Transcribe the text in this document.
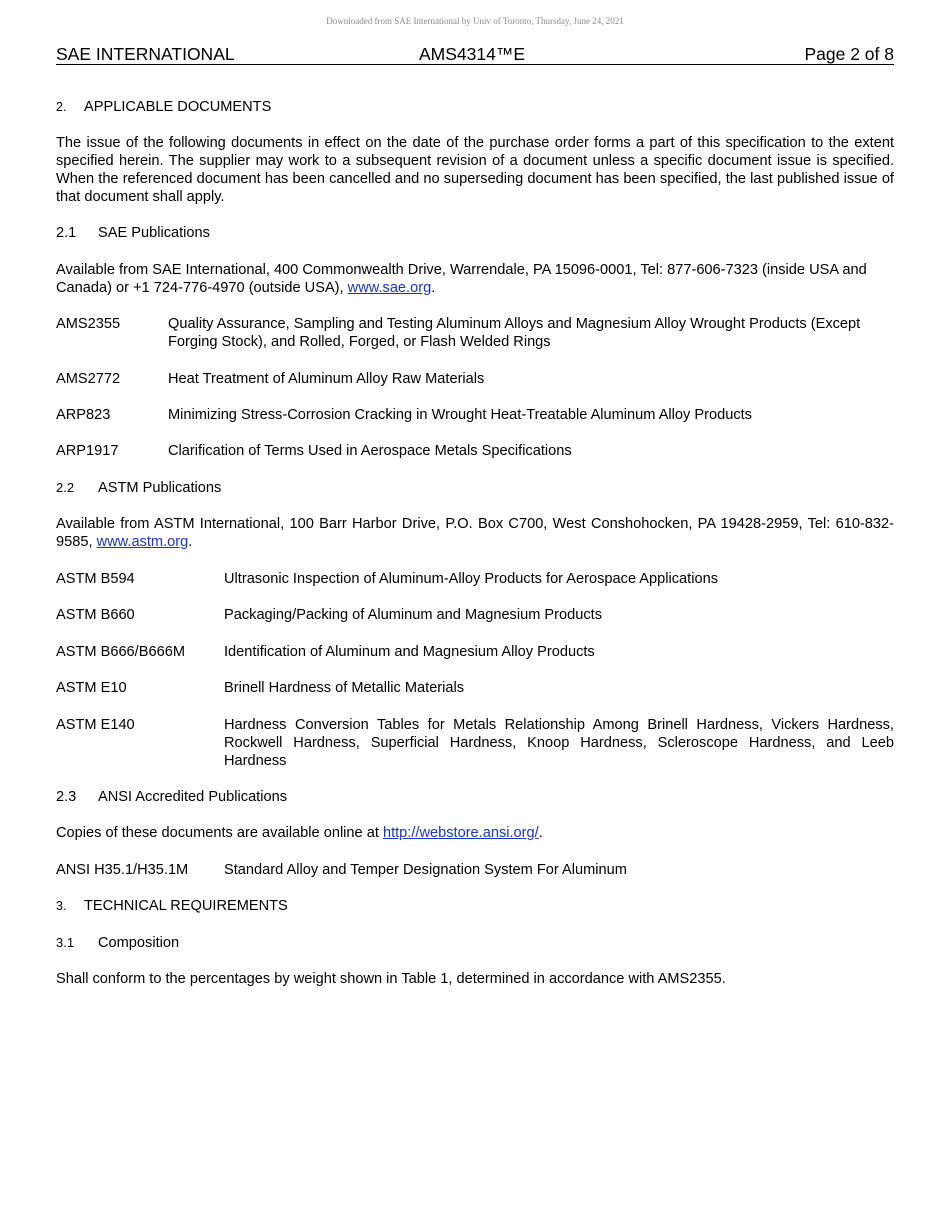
Downloaded from SAE International by Univ of Toronto, Thursday, June 24, 2021
SAE INTERNATIONAL	AMS4314™E	Page 2 of 8
2. APPLICABLE DOCUMENTS
The issue of the following documents in effect on the date of the purchase order forms a part of this specification to the extent specified herein. The supplier may work to a subsequent revision of a document unless a specific document issue is specified. When the referenced document has been cancelled and no superseding document has been specified, the last published issue of that document shall apply.
2.1 SAE Publications
Available from SAE International, 400 Commonwealth Drive, Warrendale, PA 15096-0001, Tel: 877-606-7323 (inside USA and Canada) or +1 724-776-4970 (outside USA), www.sae.org.
AMS2355	Quality Assurance, Sampling and Testing Aluminum Alloys and Magnesium Alloy Wrought Products (Except Forging Stock), and Rolled, Forged, or Flash Welded Rings
AMS2772	Heat Treatment of Aluminum Alloy Raw Materials
ARP823	Minimizing Stress-Corrosion Cracking in Wrought Heat-Treatable Aluminum Alloy Products
ARP1917	Clarification of Terms Used in Aerospace Metals Specifications
2.2 ASTM Publications
Available from ASTM International, 100 Barr Harbor Drive, P.O. Box C700, West Conshohocken, PA 19428-2959, Tel: 610-832-9585, www.astm.org.
ASTM B594	Ultrasonic Inspection of Aluminum-Alloy Products for Aerospace Applications
ASTM B660	Packaging/Packing of Aluminum and Magnesium Products
ASTM B666/B666M	Identification of Aluminum and Magnesium Alloy Products
ASTM E10	Brinell Hardness of Metallic Materials
ASTM E140	Hardness Conversion Tables for Metals Relationship Among Brinell Hardness, Vickers Hardness, Rockwell Hardness, Superficial Hardness, Knoop Hardness, Scleroscope Hardness, and Leeb Hardness
2.3 ANSI Accredited Publications
Copies of these documents are available online at http://webstore.ansi.org/.
ANSI H35.1/H35.1M Standard Alloy and Temper Designation System For Aluminum
3. TECHNICAL REQUIREMENTS
3.1 Composition
Shall conform to the percentages by weight shown in Table 1, determined in accordance with AMS2355.
